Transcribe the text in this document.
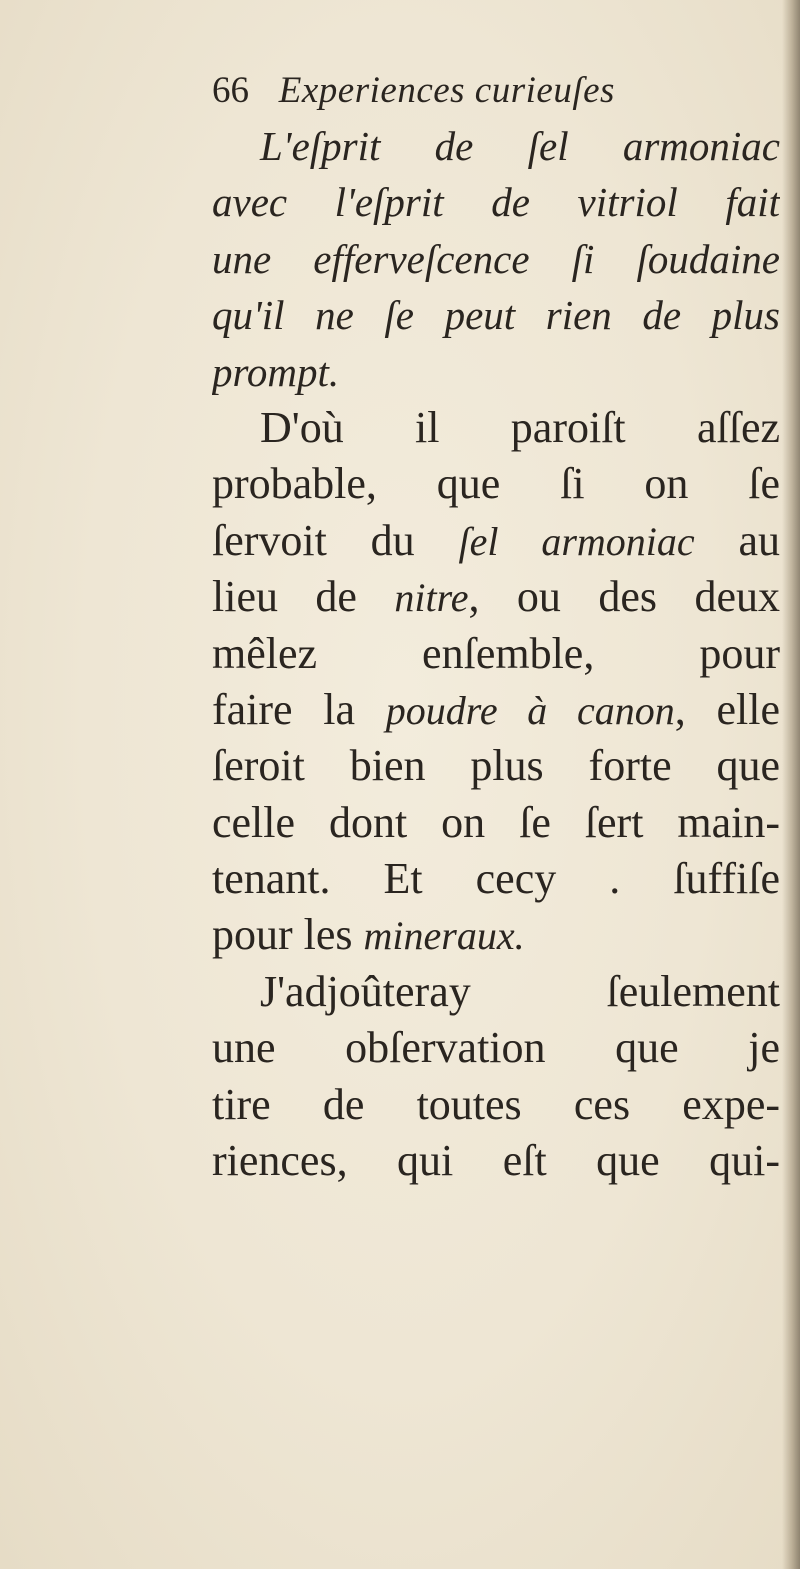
66 Experiences curieuſes
L'eſprit de ſel armoniac
avec l'eſprit de vitriol fait
une efferveſcence ſi ſoudaine
qu'il ne ſe peut rien de plus
prompt.
D'où il paroiſt aſſez
probable, que ſi on ſe
ſervoit du ſel armoniac au
lieu de nitre, ou des deux
mêlez enſemble, pour
faire la poudre à canon, elle
ſeroit bien plus forte que
celle dont on ſe ſert main-
tenant. Et cecy . ſuffiſe
pour les mineraux.
J'adjoûteray ſeulement
une obſervation que je
tire de toutes ces expe-
riences, qui eſt que qui-
